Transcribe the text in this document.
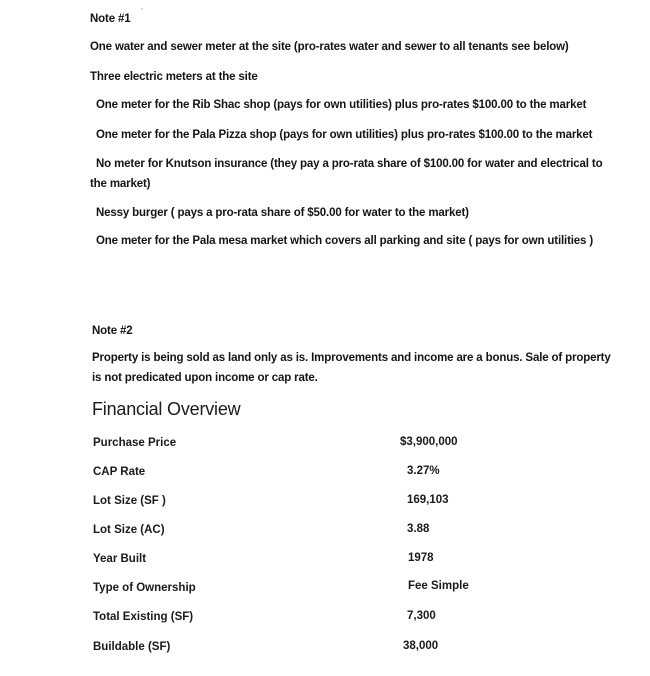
Note #1
One water and sewer meter at the site (pro-rates water and sewer to all tenants see below)
Three electric meters at the site
One meter for the Rib Shac shop (pays for own utilities) plus pro-rates $100.00 to the market
One meter for the Pala Pizza shop (pays for own utilities) plus pro-rates $100.00 to the market
No meter for Knutson insurance (they pay a pro-rata share of $100.00 for water and electrical to the market)
Nessy burger ( pays a pro-rata share of $50.00 for water to the market)
One meter for the Pala mesa market which covers all parking and site ( pays for own utilities )
Note #2
Property is being sold as land only as is. Improvements and income are a bonus. Sale of property is not predicated upon income or cap rate.
Financial Overview
Purchase Price	$3,900,000
CAP Rate	3.27%
Lot Size (SF )	169,103
Lot Size (AC)	3.88
Year Built	1978
Type of Ownership	Fee Simple
Total Existing (SF)	7,300
Buildable (SF)	38,000
